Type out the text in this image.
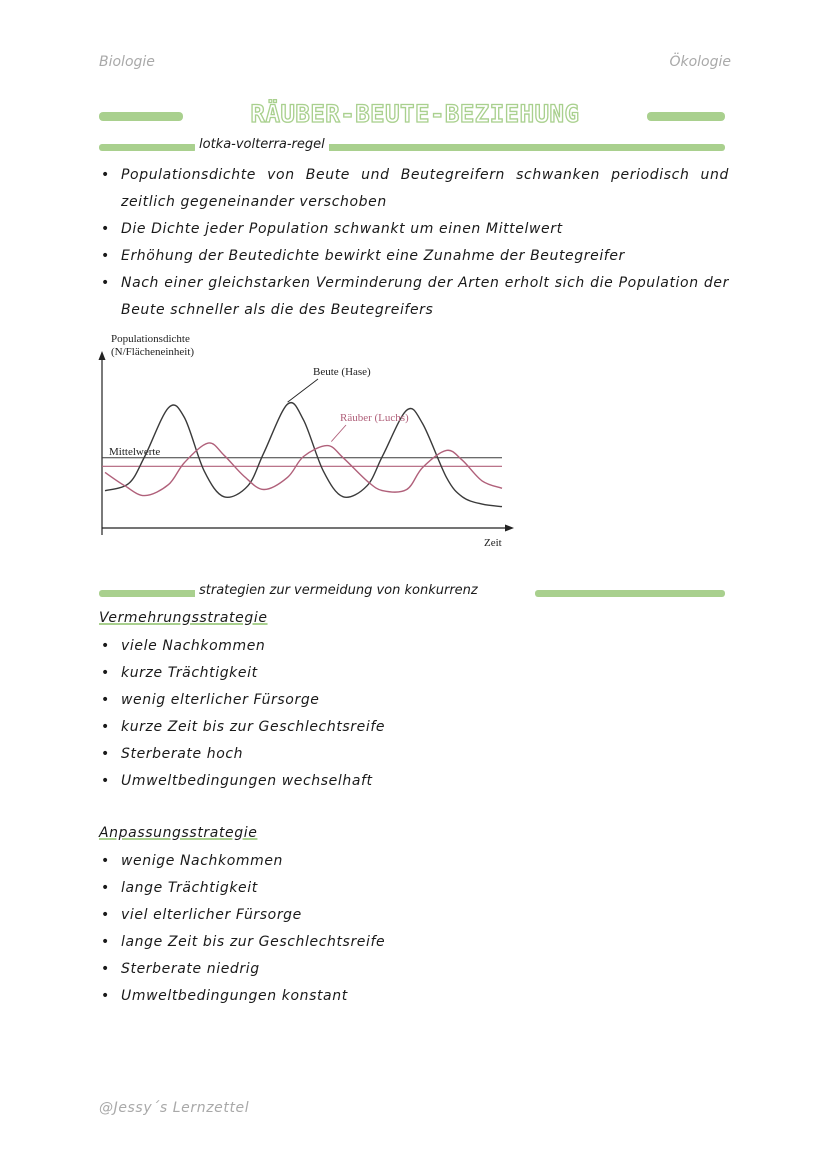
Biologie	Ökologie
RÄUBER-BEUTE-BEZIEHUNG
lotka-volterra-regel
• Populationsdichte von Beute und Beutegreifern schwanken periodisch und zeitlich gegeneinander verschoben
• Die Dichte jeder Population schwankt um einen Mittelwert
• Erhöhung der Beutedichte bewirkt eine Zunahme der Beutegreifer
• Nach einer gleichstarken Verminderung der Arten erholt sich die Population der Beute schneller als die des Beutegreifers
Populationsdichte (N/Flächeneinheit)
Zeit
Mittelwerte
Beute (Hase)
Räuber (Luchs)
strategien zur vermeidung von konkurrenz
Vermehrungsstrategie
• viele Nachkommen
• kurze Trächtigkeit
• wenig elterlicher Fürsorge
• kurze Zeit bis zur Geschlechtsreife
• Sterberate hoch
• Umweltbedingungen wechselhaft
Anpassungsstrategie
• wenige Nachkommen
• lange Trächtigkeit
• viel elterlicher Fürsorge
• lange Zeit bis zur Geschlechtsreife
• Sterberate niedrig
• Umweltbedingungen konstant
@Jessy´s Lernzettel
